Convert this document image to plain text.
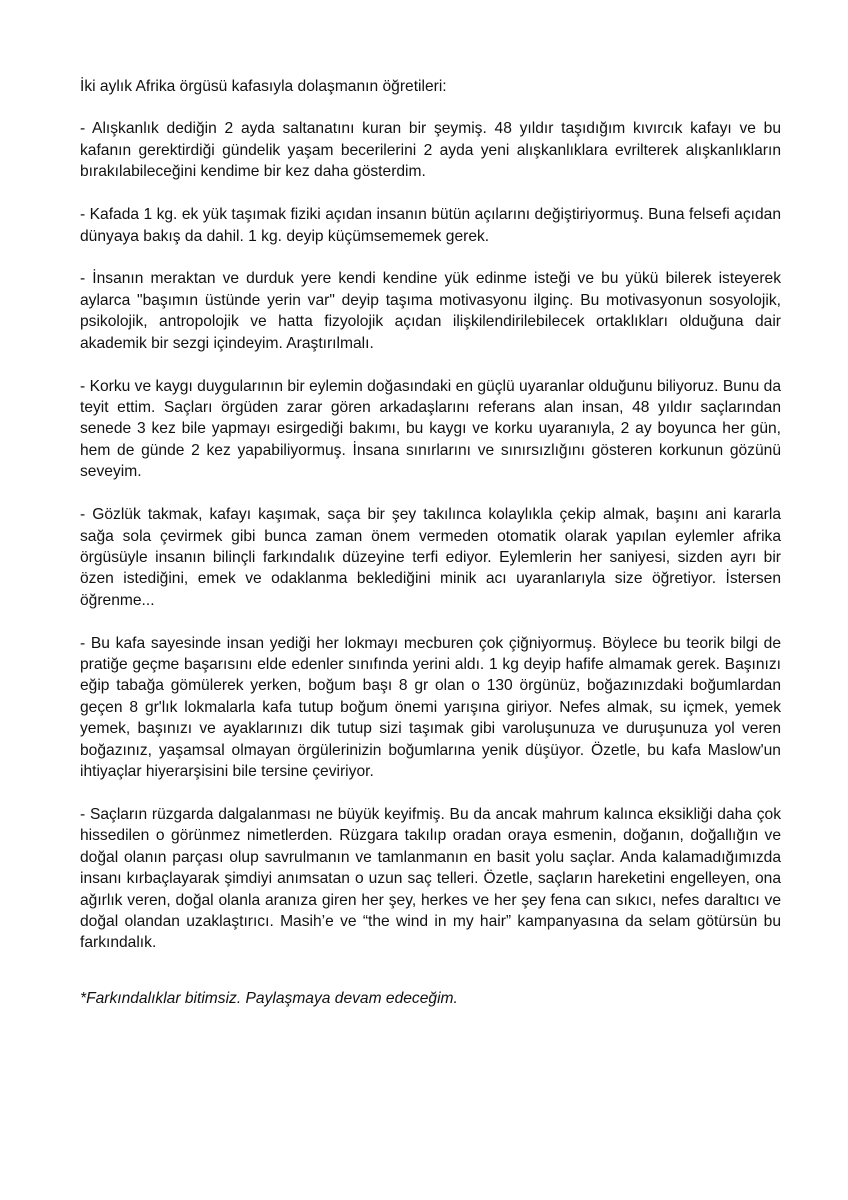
İki aylık Afrika örgüsü kafasıyla dolaşmanın öğretileri:

- Alışkanlık dediğin 2 ayda saltanatını kuran bir şeymiş. 48 yıldır taşıdığım kıvırcık kafayı ve bu kafanın gerektirdiği gündelik yaşam becerilerini 2 ayda yeni alışkanlıklara evrilterek alışkanlıkların bırakılabileceğini kendime bir kez daha gösterdim.

- Kafada 1 kg. ek yük taşımak fiziki açıdan insanın bütün açılarını değiştiriyormuş. Buna felsefi açıdan dünyaya bakış da dahil. 1 kg. deyip küçümsememek gerek.

- İnsanın meraktan ve durduk yere kendi kendine yük edinme isteği ve bu yükü bilerek isteyerek aylarca "başımın üstünde yerin var" deyip taşıma motivasyonu ilginç. Bu motivasyonun sosyolojik, psikolojik, antropolojik ve hatta fizyolojik açıdan ilişkilendirilebilecek ortaklıkları olduğuna dair akademik bir sezgi içindeyim. Araştırılmalı.

- Korku ve kaygı duygularının bir eylemin doğasındaki en güçlü uyaranlar olduğunu biliyoruz. Bunu da teyit ettim. Saçları örgüden zarar gören arkadaşlarını referans alan insan, 48 yıldır saçlarından senede 3 kez bile yapmayı esirgediği bakımı, bu kaygı ve korku uyaranıyla, 2 ay boyunca her gün, hem de günde 2 kez yapabiliyormuş. İnsana sınırlarını ve sınırsızlığını gösteren korkunun gözünü seveyim.

- Gözlük takmak, kafayı kaşımak, saça bir şey takılınca kolaylıkla çekip almak, başını ani kararla sağa sola çevirmek gibi bunca zaman önem vermeden otomatik olarak yapılan eylemler afrika örgüsüyle insanın bilinçli farkındalık düzeyine terfi ediyor. Eylemlerin her saniyesi, sizden ayrı bir özen istediğini, emek ve odaklanma beklediğini minik acı uyaranlarıyla size öğretiyor. İstersen öğrenme...

- Bu kafa sayesinde insan yediği her lokmayı mecburen çok çiğniyormuş. Böylece bu teorik bilgi de pratiğe geçme başarısını elde edenler sınıfında yerini aldı. 1 kg deyip hafife almamak gerek. Başınızı eğip tabağa gömülerek yerken, boğum başı 8 gr olan o 130 örgünüz, boğazınızdaki boğumlardan geçen 8 gr'lık lokmalarla kafa tutup boğum önemi yarışına giriyor. Nefes almak, su içmek, yemek yemek, başınızı ve ayaklarınızı dik tutup sizi taşımak gibi varoluşunuza ve duruşunuza yol veren boğazınız, yaşamsal olmayan örgülerinizin boğumlarına yenik düşüyor. Özetle, bu kafa Maslow'un ihtiyaçlar hiyerarşisini bile tersine çeviriyor.

- Saçların rüzgarda dalgalanması ne büyük keyifmiş. Bu da ancak mahrum kalınca eksikliği daha çok hissedilen o görünmez nimetlerden. Rüzgara takılıp oradan oraya esmenin, doğanın, doğallığın ve doğal olanın parçası olup savrulmanın ve tamlanmanın en basit yolu saçlar. Anda kalamadığımızda insanı kırbaçlayarak şimdiyi anımsatan o uzun saç telleri. Özetle, saçların hareketini engelleyen, ona ağırlık veren, doğal olanla aranıza giren her şey, herkes ve her şey fena can sıkıcı, nefes daraltıcı ve doğal olandan uzaklaştırıcı. Masih’e ve “the wind in my hair” kampanyasına da selam götürsün bu farkındalık.

*Farkındalıklar bitimsiz. Paylaşmaya devam edeceğim.
